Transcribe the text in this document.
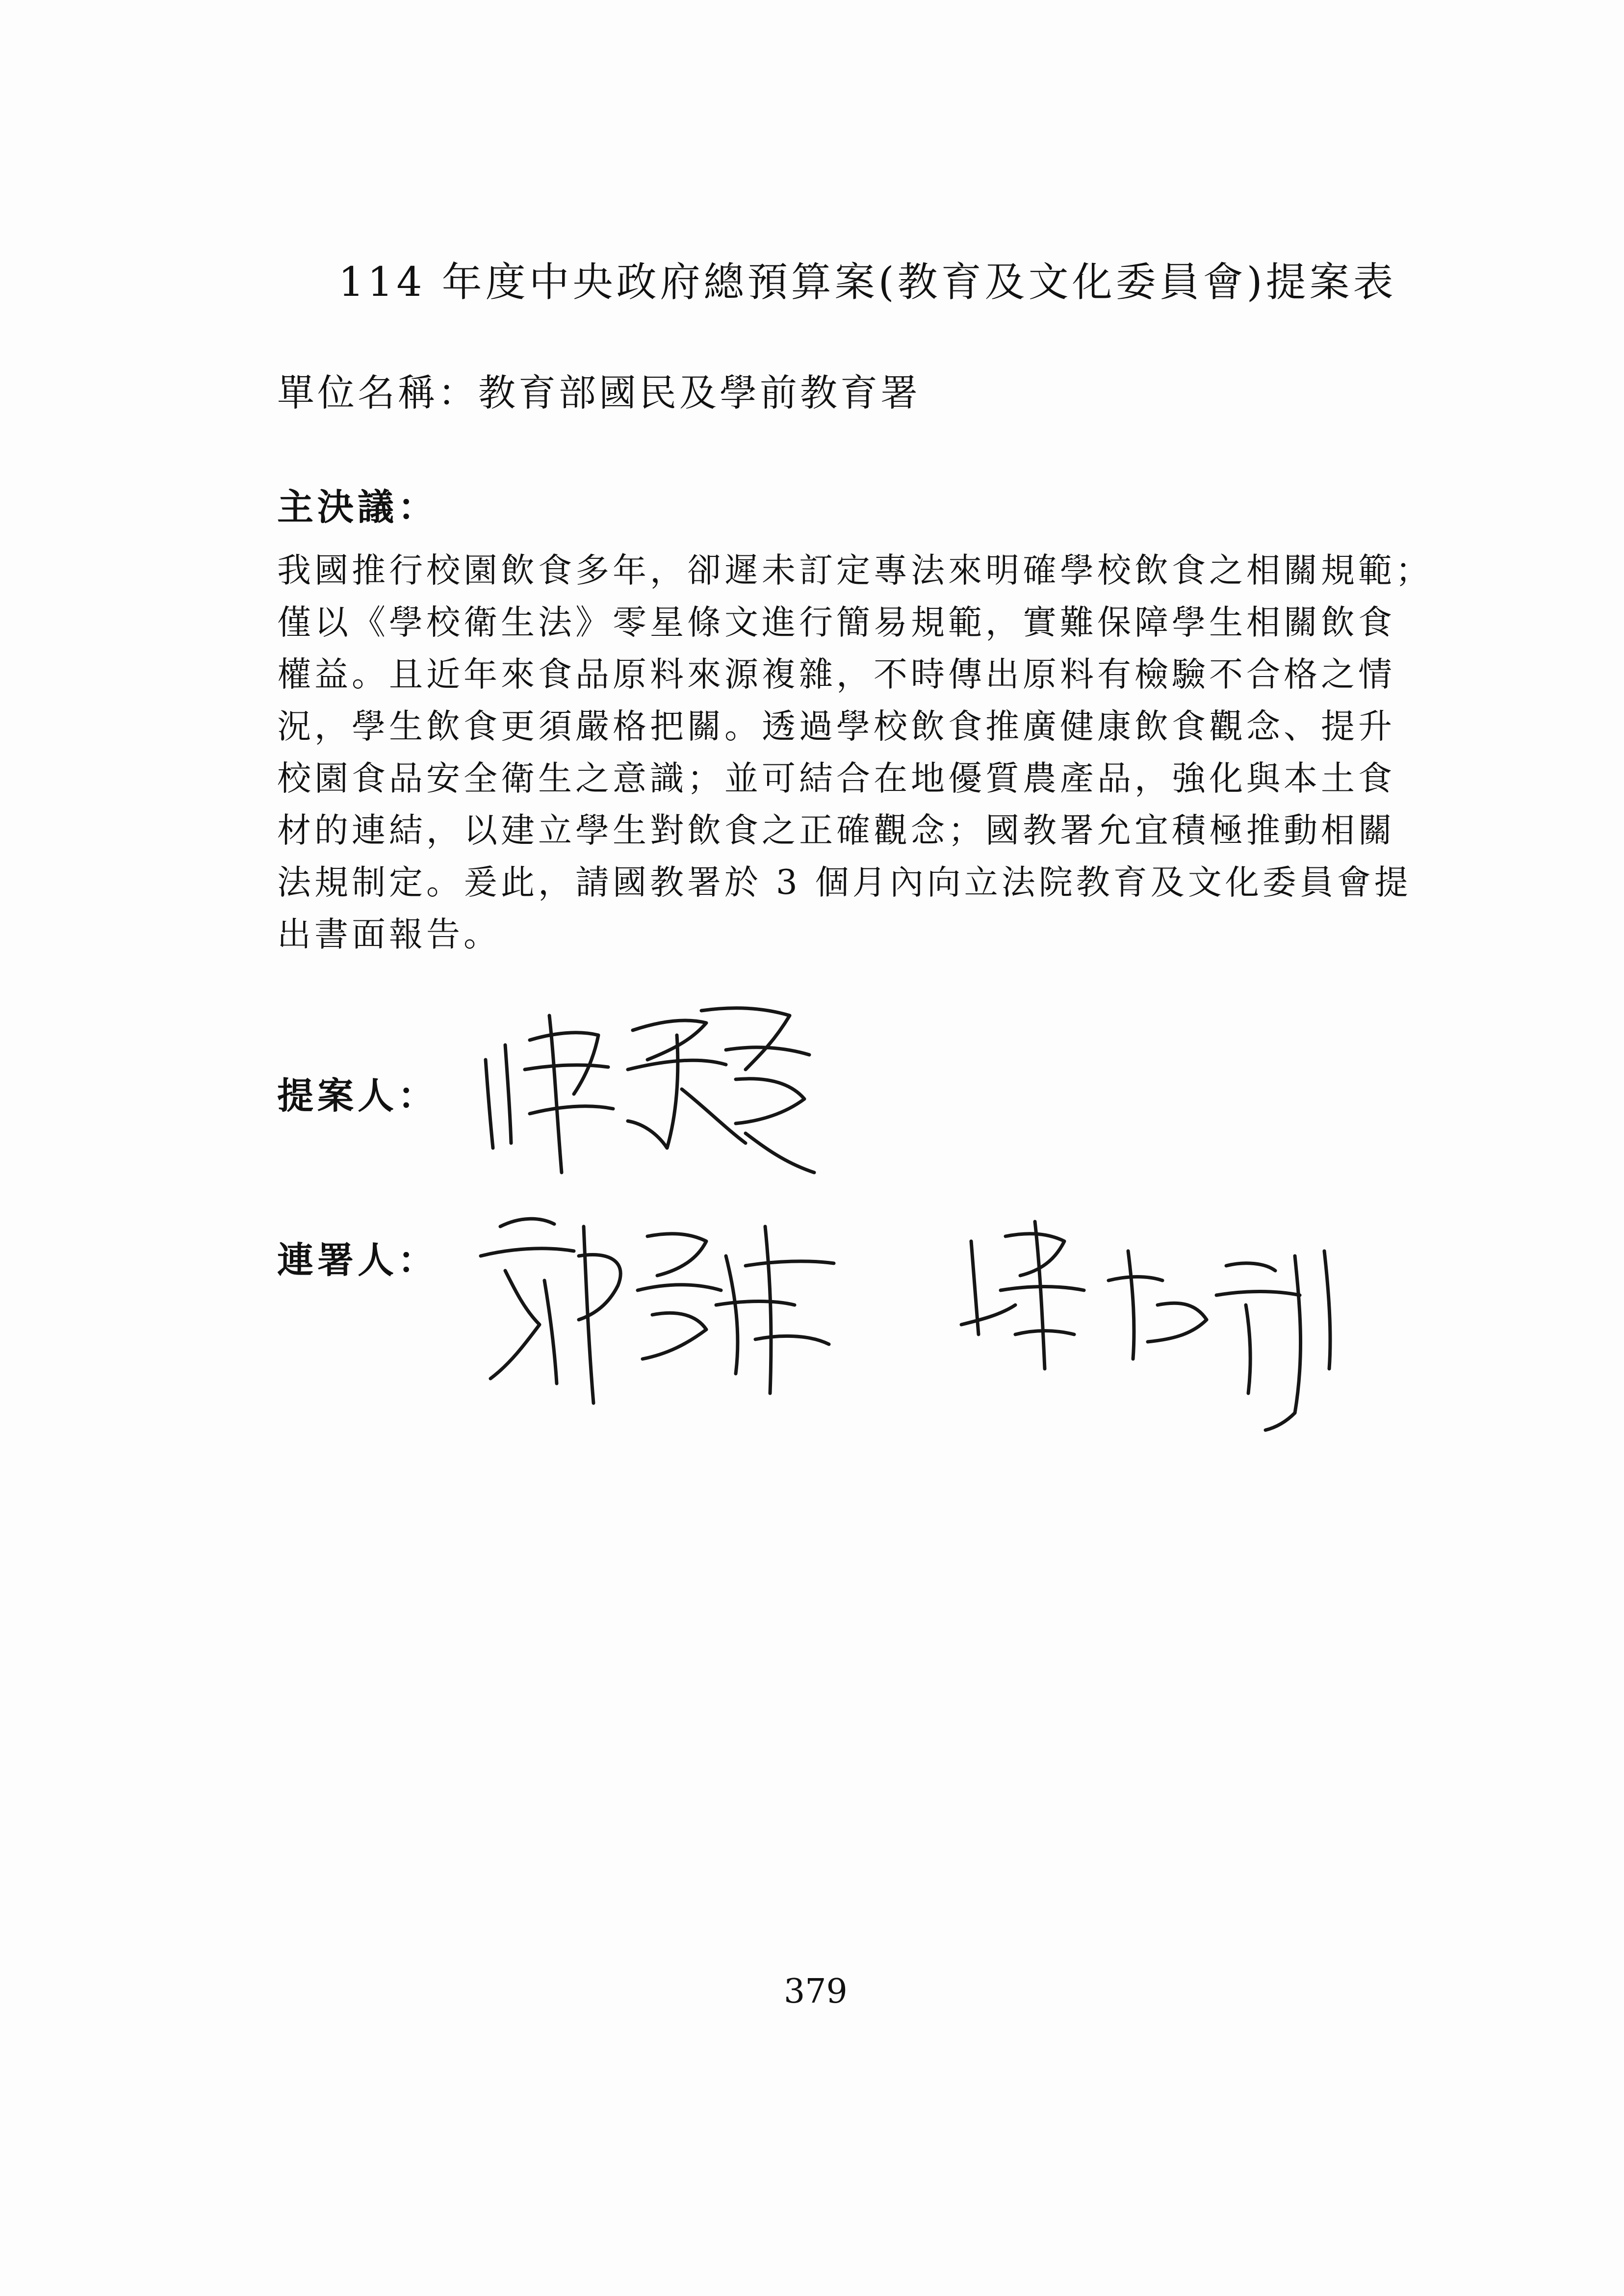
114 年度中央政府總預算案(教育及文化委員會)提案表
單位名稱：教育部國民及學前教育署
主決議：
我國推行校園飲食多年，卻遲未訂定專法來明確學校飲食之相關規範；
僅以《學校衛生法》零星條文進行簡易規範，實難保障學生相關飲食
權益。且近年來食品原料來源複雜，不時傳出原料有檢驗不合格之情
況，學生飲食更須嚴格把關。透過學校飲食推廣健康飲食觀念、提升
校園食品安全衛生之意識；並可結合在地優質農產品，強化與本土食
材的連結，以建立學生對飲食之正確觀念；國教署允宜積極推動相關
法規制定。爰此，請國教署於 3 個月內向立法院教育及文化委員會提
出書面報告。
提案人：
連署人：
379
